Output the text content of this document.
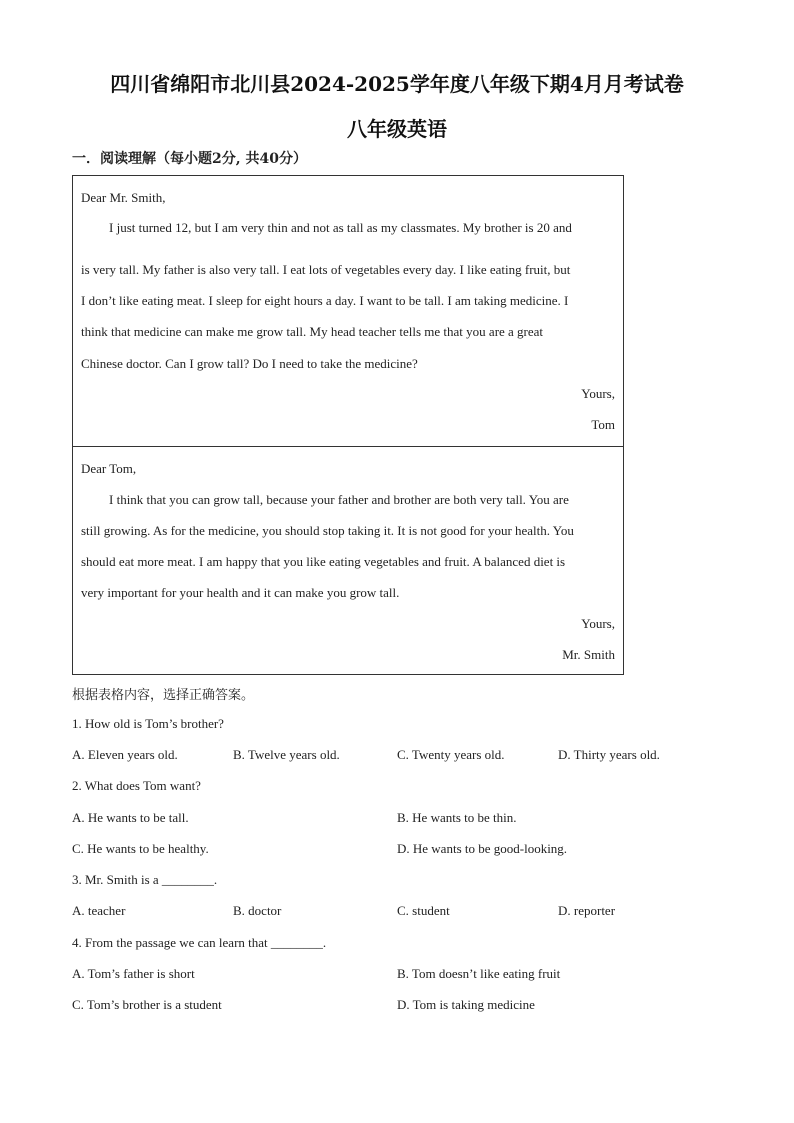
四川省绵阳市北川县2024-2025学年度八年级下期4月月考试卷
八年级英语
一．阅读理解（每小题2分, 共40分）
Dear Mr. Smith,
I just turned 12, but I am very thin and not as tall as my classmates. My brother is 20 and
is very tall. My father is also very tall. I eat lots of vegetables every day. I like eating fruit, but
I don’t like eating meat. I sleep for eight hours a day. I want to be tall. I am taking medicine. I
think that medicine can make me grow tall. My head teacher tells me that you are a great
Chinese doctor. Can I grow tall? Do I need to take the medicine?
Yours,
Tom
Dear Tom,
I think that you can grow tall, because your father and brother are both very tall. You are
still growing. As for the medicine, you should stop taking it. It is not good for your health. You
should eat more meat. I am happy that you like eating vegetables and fruit. A balanced diet is
very important for your health and it can make you grow tall.
Yours,
Mr. Smith
根据表格内容，选择正确答案。
1. How old is Tom’s brother?
A. Eleven years old.	B. Twelve years old.	C. Twenty years old.	D. Thirty years old.
2. What does Tom want?
A. He wants to be tall.	B. He wants to be thin.
C. He wants to be healthy.	D. He wants to be good-looking.
3. Mr. Smith is a ________.
A. teacher	B. doctor	C. student	D. reporter
4. From the passage we can learn that ________.
A. Tom’s father is short	B. Tom doesn’t like eating fruit
C. Tom’s brother is a student	D. Tom is taking medicine
